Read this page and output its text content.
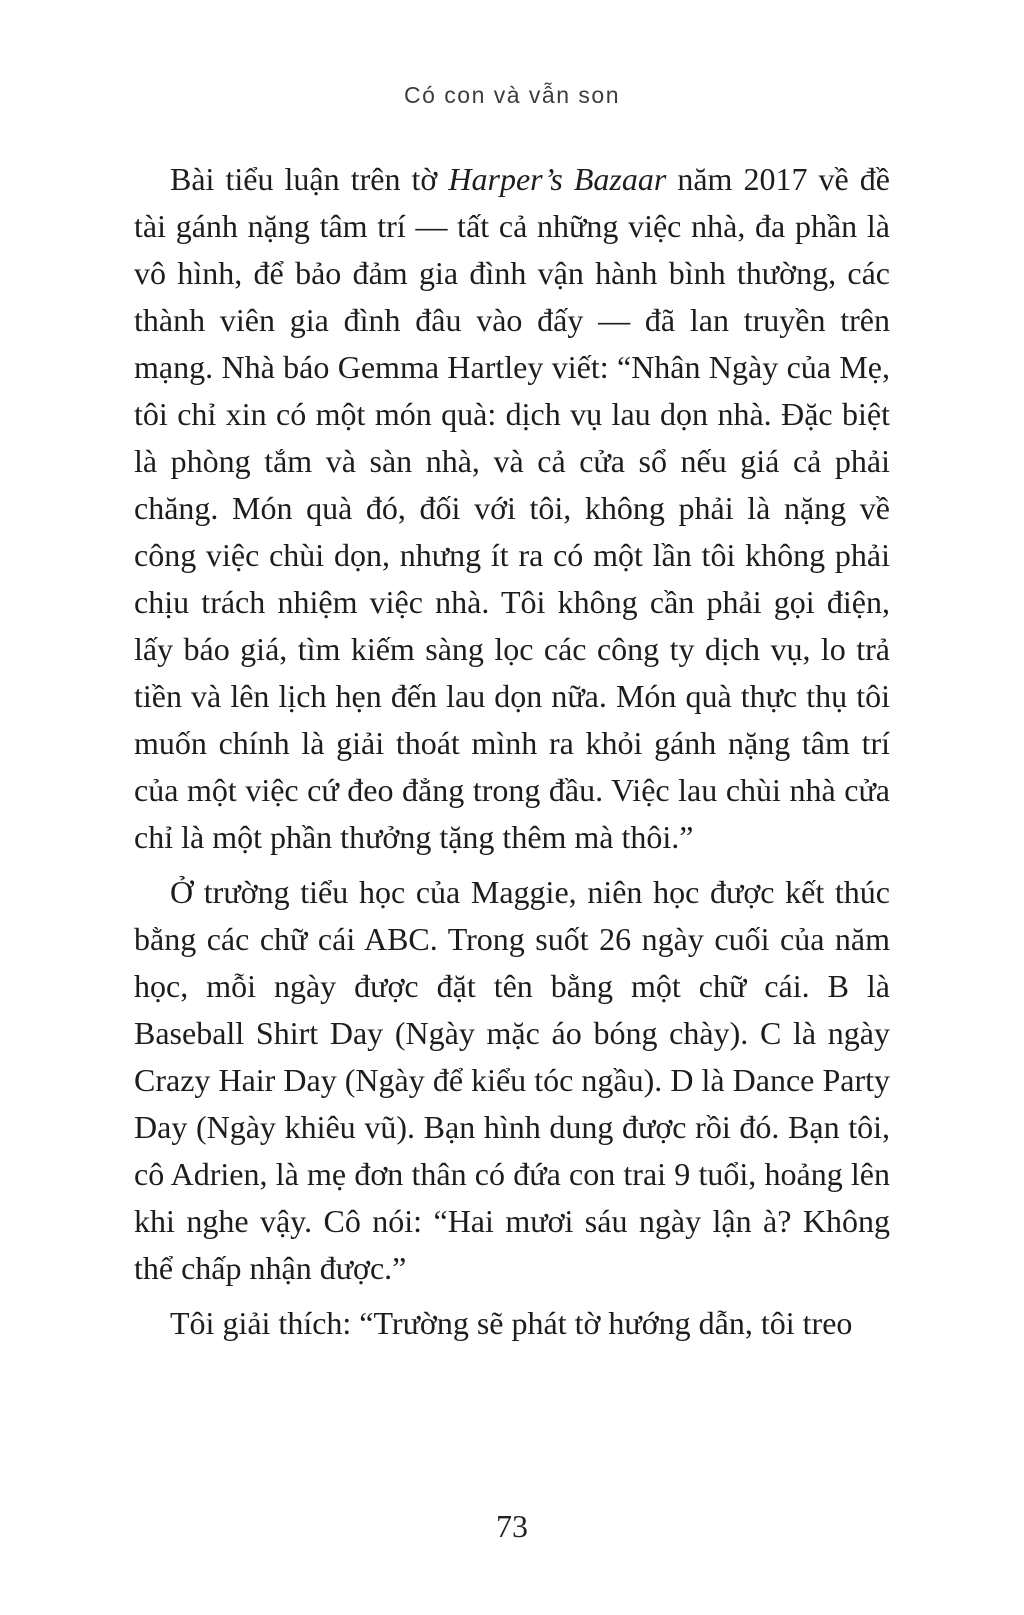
Có con và vẫn son

Bài tiểu luận trên tờ Harper’s Bazaar năm 2017 về đề tài gánh nặng tâm trí — tất cả những việc nhà, đa phần là vô hình, để bảo đảm gia đình vận hành bình thường, các thành viên gia đình đâu vào đấy — đã lan truyền trên mạng. Nhà báo Gemma Hartley viết: “Nhân Ngày của Mẹ, tôi chỉ xin có một món quà: dịch vụ lau dọn nhà. Đặc biệt là phòng tắm và sàn nhà, và cả cửa sổ nếu giá cả phải chăng. Món quà đó, đối với tôi, không phải là nặng về công việc chùi dọn, nhưng ít ra có một lần tôi không phải chịu trách nhiệm việc nhà. Tôi không cần phải gọi điện, lấy báo giá, tìm kiếm sàng lọc các công ty dịch vụ, lo trả tiền và lên lịch hẹn đến lau dọn nữa. Món quà thực thụ tôi muốn chính là giải thoát mình ra khỏi gánh nặng tâm trí của một việc cứ đeo đẳng trong đầu. Việc lau chùi nhà cửa chỉ là một phần thưởng tặng thêm mà thôi.”

Ở trường tiểu học của Maggie, niên học được kết thúc bằng các chữ cái ABC. Trong suốt 26 ngày cuối của năm học, mỗi ngày được đặt tên bằng một chữ cái. B là Baseball Shirt Day (Ngày mặc áo bóng chày). C là ngày Crazy Hair Day (Ngày để kiểu tóc ngầu). D là Dance Party Day (Ngày khiêu vũ). Bạn hình dung được rồi đó. Bạn tôi, cô Adrien, là mẹ đơn thân có đứa con trai 9 tuổi, hoảng lên khi nghe vậy. Cô nói: “Hai mươi sáu ngày lận à? Không thể chấp nhận được.”

Tôi giải thích: “Trường sẽ phát tờ hướng dẫn, tôi treo

73
